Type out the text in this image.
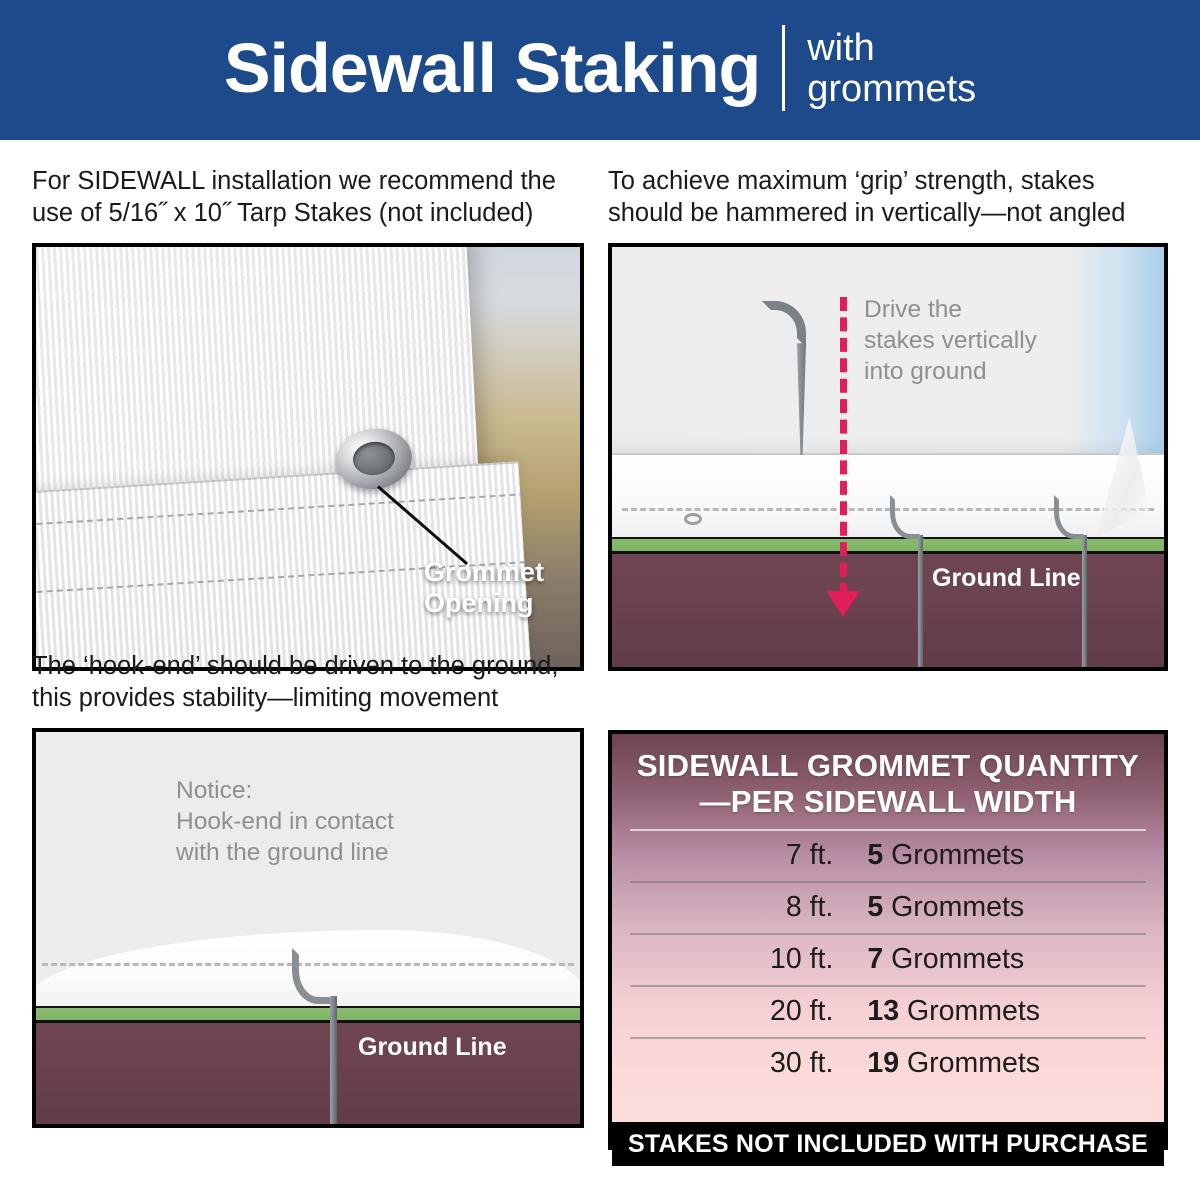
Sidewall Staking with
grommets
For SIDEWALL installation we recommend the use of 5/16˝ x 10˝ Tarp Stakes (not included)
Grommet
Opening
To achieve maximum ‘grip’ strength, stakes should be hammered in vertically—not angled
Drive the
stakes vertically
into ground
Ground Line
The ‘hook-end’ should be driven to the ground, this provides stability—limiting movement
Notice:
Hook-end in contact
with the ground line
Ground Line
SIDEWALL GROMMET QUANTITY
—PER SIDEWALL WIDTH
7 ft.	5 Grommets
8 ft.	5 Grommets
10 ft.	7 Grommets
20 ft.	13 Grommets
30 ft.	19 Grommets
STAKES NOT INCLUDED WITH PURCHASE
